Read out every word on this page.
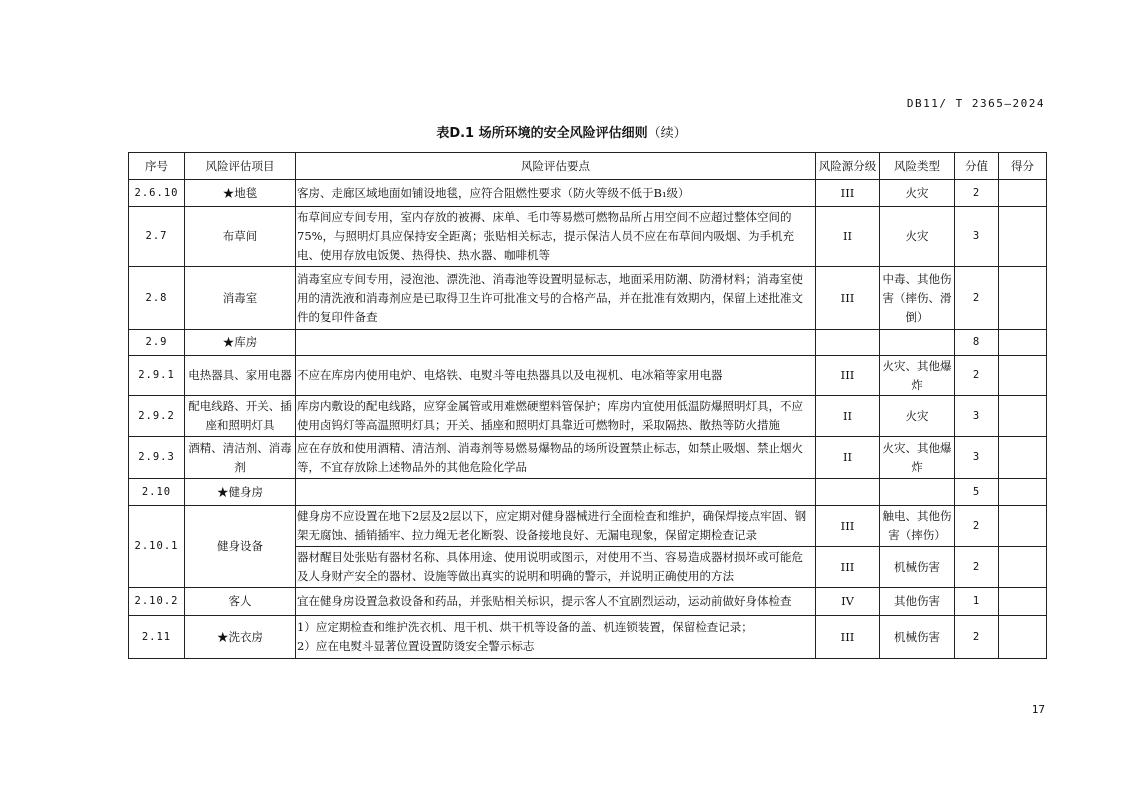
DB11/ T 2365—2024
表D.1 场所环境的安全风险评估细则（续）
序号	风险评估项目	风险评估要点	风险源分级	风险类型	分值	得分
2.6.10	★地毯	客房、走廊区域地面如铺设地毯，应符合阻燃性要求（防火等级不低于B₁级）	III	火灾	2	
2.7	布草间	布草间应专间专用，室内存放的被褥、床单、毛巾等易燃可燃物品所占用空间不应超过整体空间的75%，与照明灯具应保持安全距离；张贴相关标志，提示保洁人员不应在布草间内吸烟、为手机充电、使用存放电饭煲、热得快、热水器、咖啡机等	II	火灾	3	
2.8	消毒室	消毒室应专间专用，浸泡池、漂洗池、消毒池等设置明显标志，地面采用防潮、防滑材料；消毒室使用的清洗液和消毒剂应是已取得卫生许可批准文号的合格产品，并在批准有效期内，保留上述批准文件的复印件备查	III	中毒、其他伤害（摔伤、滑倒）	2	
2.9	★库房				8	
2.9.1	电热器具、家用电器	不应在库房内使用电炉、电烙铁、电熨斗等电热器具以及电视机、电冰箱等家用电器	III	火灾、其他爆炸	2	
2.9.2	配电线路、开关、插座和照明灯具	库房内敷设的配电线路，应穿金属管或用难燃硬塑料管保护；库房内宜使用低温防爆照明灯具，不应使用卤钨灯等高温照明灯具；开关、插座和照明灯具靠近可燃物时，采取隔热、散热等防火措施	II	火灾	3	
2.9.3	酒精、清洁剂、消毒剂	应在存放和使用酒精、清洁剂、消毒剂等易燃易爆物品的场所设置禁止标志，如禁止吸烟、禁止烟火等，不宜存放除上述物品外的其他危险化学品	II	火灾、其他爆炸	3	
2.10	★健身房				5	
2.10.1	健身设备	健身房不应设置在地下2层及2层以下，应定期对健身器械进行全面检查和维护，确保焊接点牢固、钢架无腐蚀、插销插牢、拉力绳无老化断裂、设备接地良好、无漏电现象，保留定期检查记录	III	触电、其他伤害（摔伤）	2	
		器材醒目处张贴有器材名称、具体用途、使用说明或图示，对使用不当、容易造成器材损坏或可能危及人身财产安全的器材、设施等做出真实的说明和明确的警示，并说明正确使用的方法	III	机械伤害	2	
2.10.2	客人	宜在健身房设置急救设备和药品，并张贴相关标识，提示客人不宜剧烈运动，运动前做好身体检查	IV	其他伤害	1	
2.11	★洗衣房	1）应定期检查和维护洗衣机、甩干机、烘干机等设备的盖、机连锁装置，保留检查记录；
2）应在电熨斗显著位置设置防烫安全警示标志	III	机械伤害	2	
17
